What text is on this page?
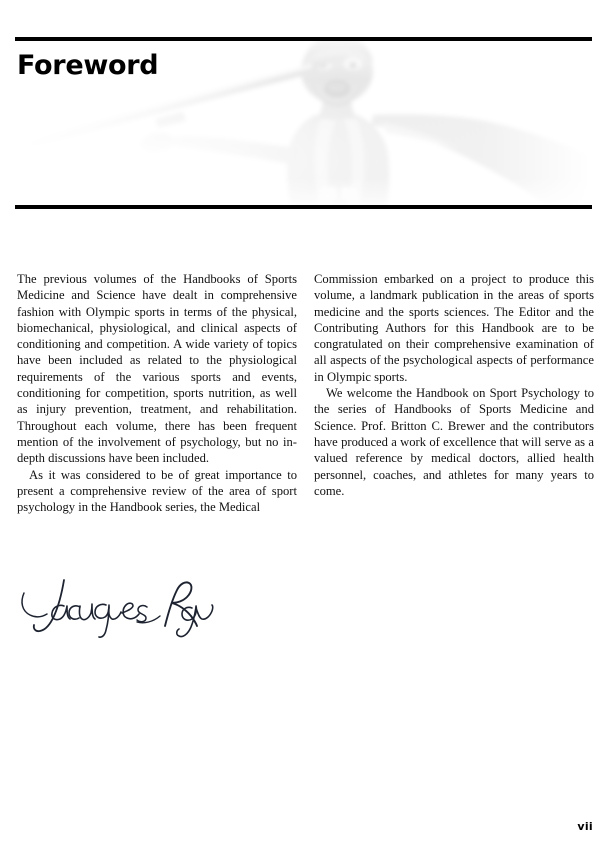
Foreword

The previous volumes of the Handbooks of Sports Medicine and Science have dealt in comprehensive fashion with Olympic sports in terms of the physical, biomechanical, physiological, and clinical aspects of conditioning and competition. A wide variety of topics have been included as related to the physiological requirements of the various sports and events, conditioning for competition, sports nutrition, as well as injury prevention, treatment, and rehabilitation. Throughout each volume, there has been frequent mention of the involvement of psychology, but no in-depth discussions have been included.

As it was considered to be of great importance to present a comprehensive review of the area of sport psychology in the Handbook series, the Medical

Commission embarked on a project to produce this volume, a landmark publication in the areas of sports medicine and the sports sciences. The Editor and the Contributing Authors for this Handbook are to be congratulated on their comprehensive examination of all aspects of the psychological aspects of performance in Olympic sports.

We welcome the Handbook on Sport Psychology to the series of Handbooks of Sports Medicine and Science. Prof. Britton C. Brewer and the contributors have produced a work of excellence that will serve as a valued reference by medical doctors, allied health personnel, coaches, and athletes for many years to come.

vii
